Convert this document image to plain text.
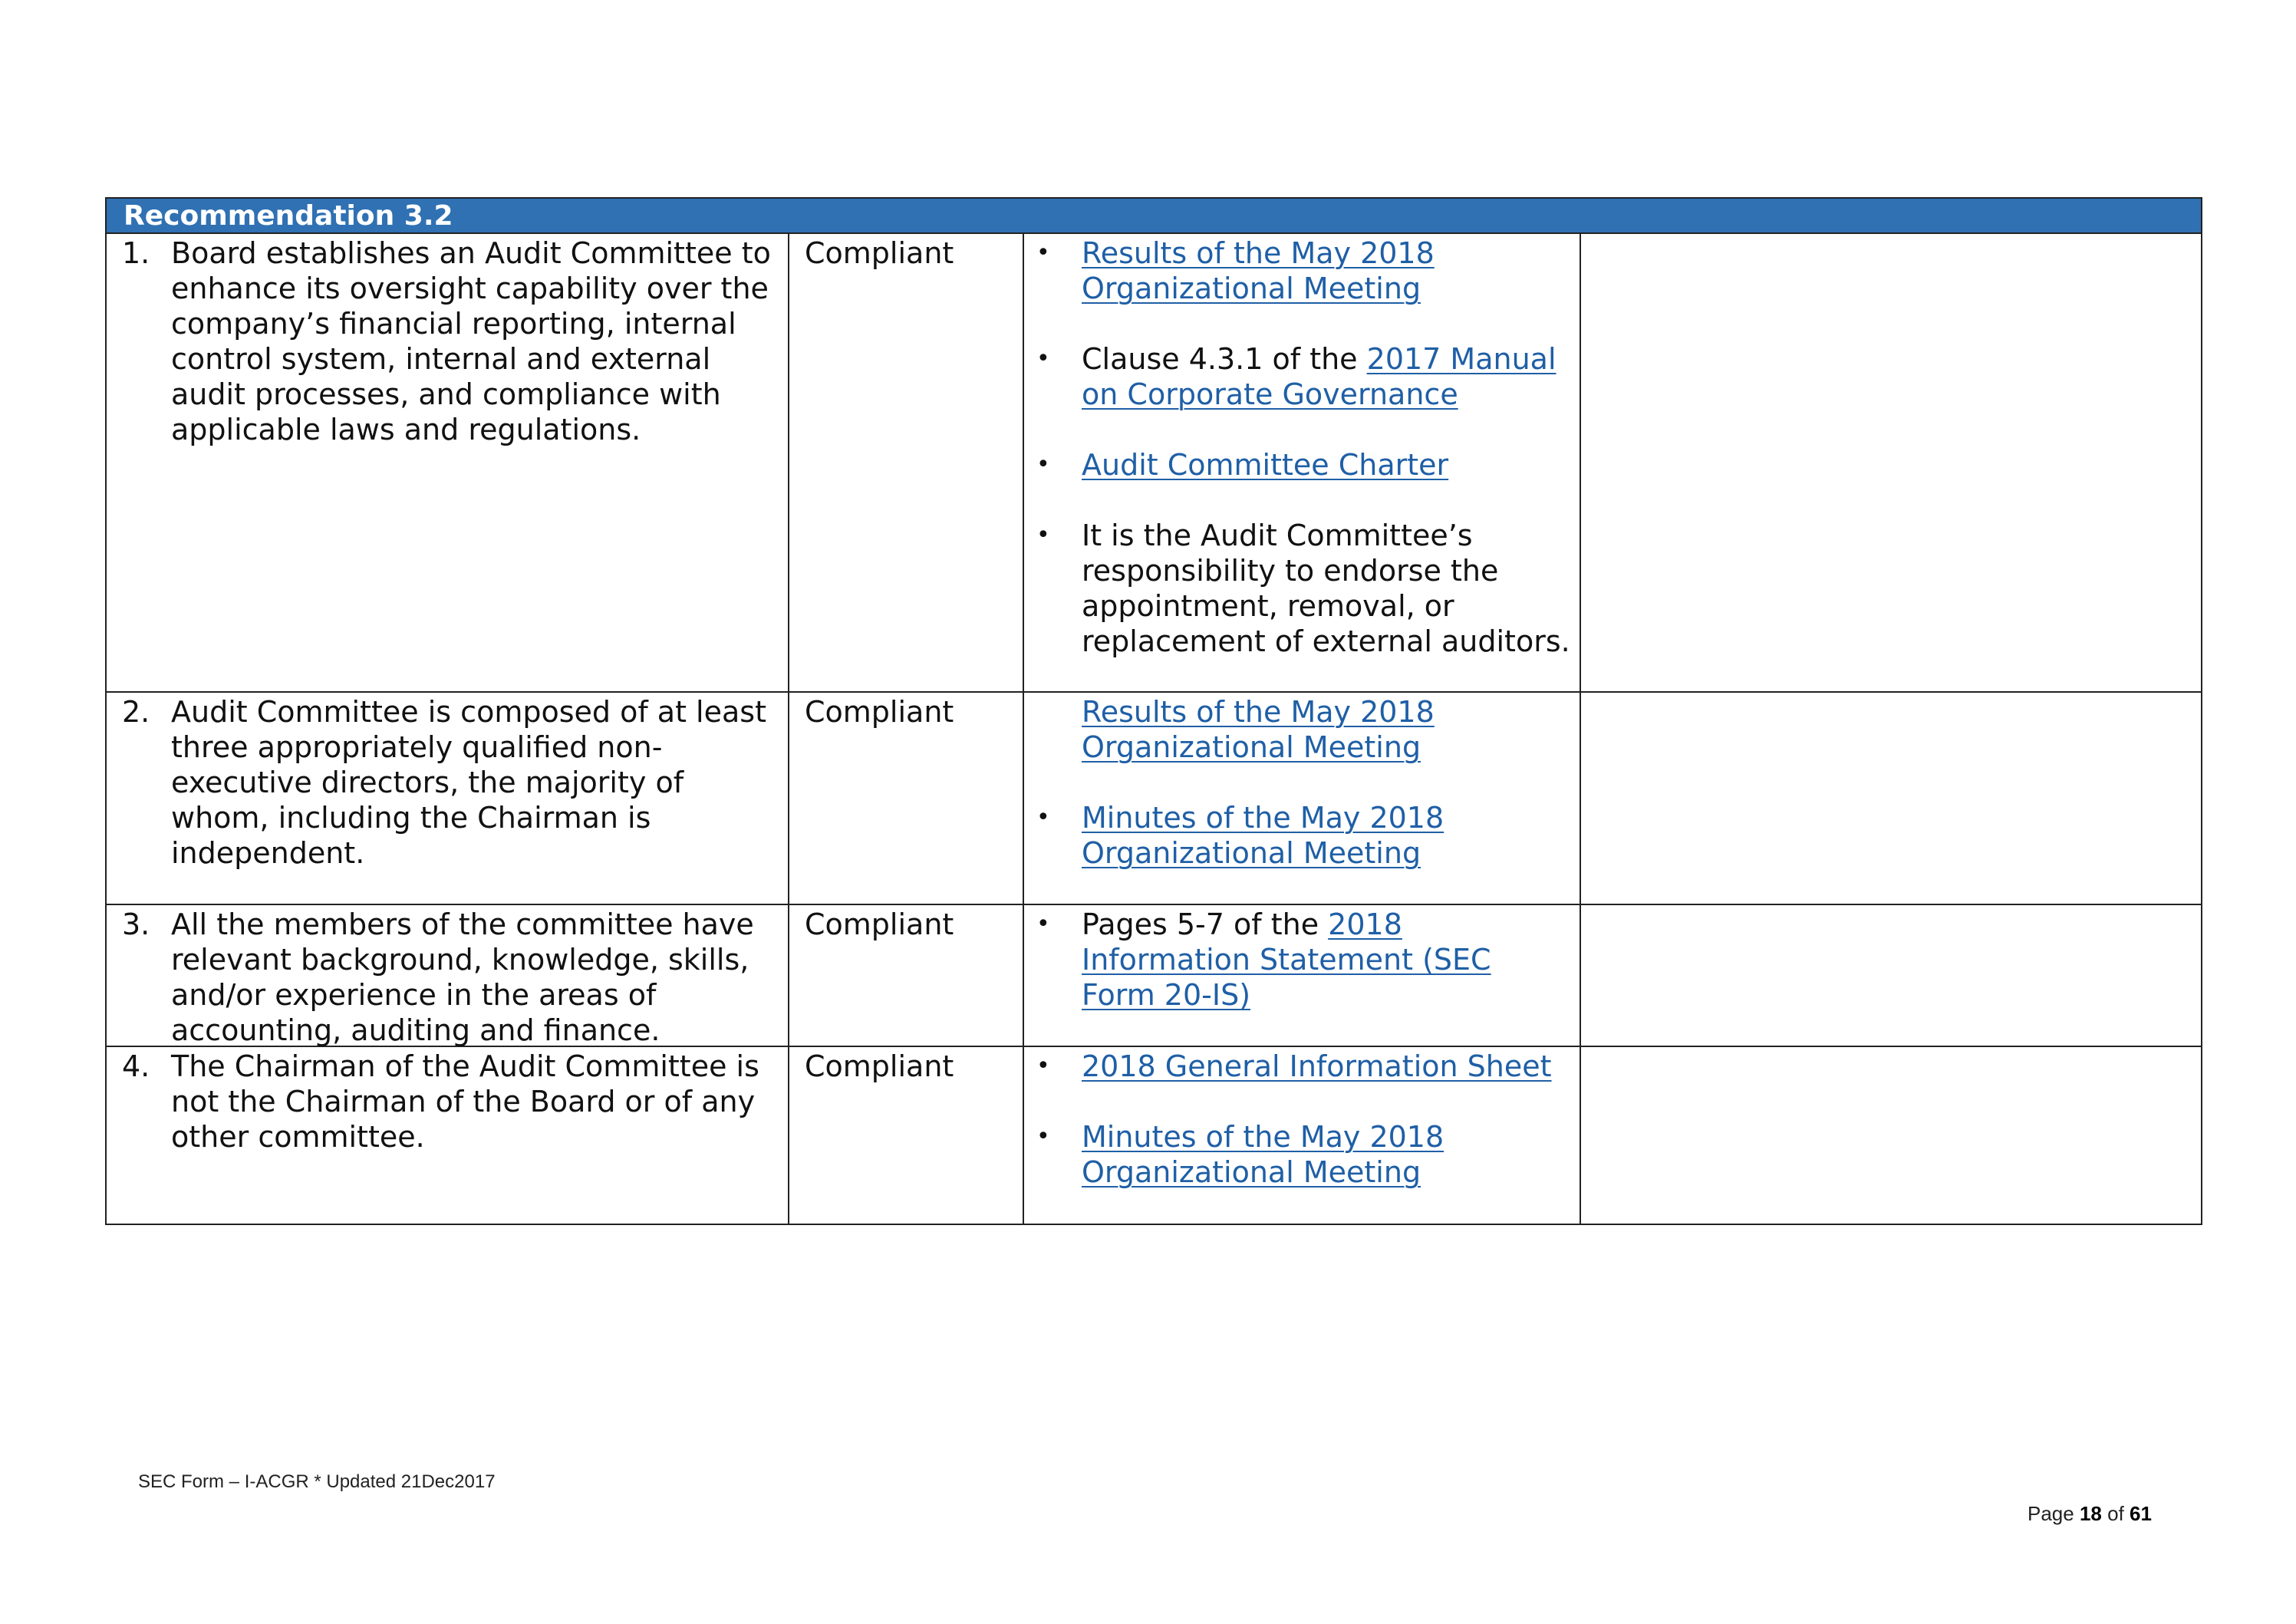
Recommendation 3.2
1. Board establishes an Audit Committee to enhance its oversight capability over the company’s financial reporting, internal control system, internal and external audit processes, and compliance with applicable laws and regulations.
Compliant	•	Results of the May 2018 Organizational Meeting
•	Clause 4.3.1 of the 2017 Manual on Corporate Governance
•	Audit Committee Charter
•	It is the Audit Committee’s responsibility to endorse the appointment, removal, or replacement of external auditors.
2. Audit Committee is composed of at least three appropriately qualified non-executive directors, the majority of whom, including the Chairman is independent.
Compliant	Results of the May 2018 Organizational Meeting
•	Minutes of the May 2018 Organizational Meeting
3. All the members of the committee have relevant background, knowledge, skills, and/or experience in the areas of accounting, auditing and finance.
Compliant	•	Pages 5-7 of the 2018 Information Statement (SEC Form 20-IS)
4. The Chairman of the Audit Committee is not the Chairman of the Board or of any other committee.
Compliant	•	2018 General Information Sheet
•	Minutes of the May 2018 Organizational Meeting
SEC Form – I-ACGR * Updated 21Dec2017
Page 18 of 61
